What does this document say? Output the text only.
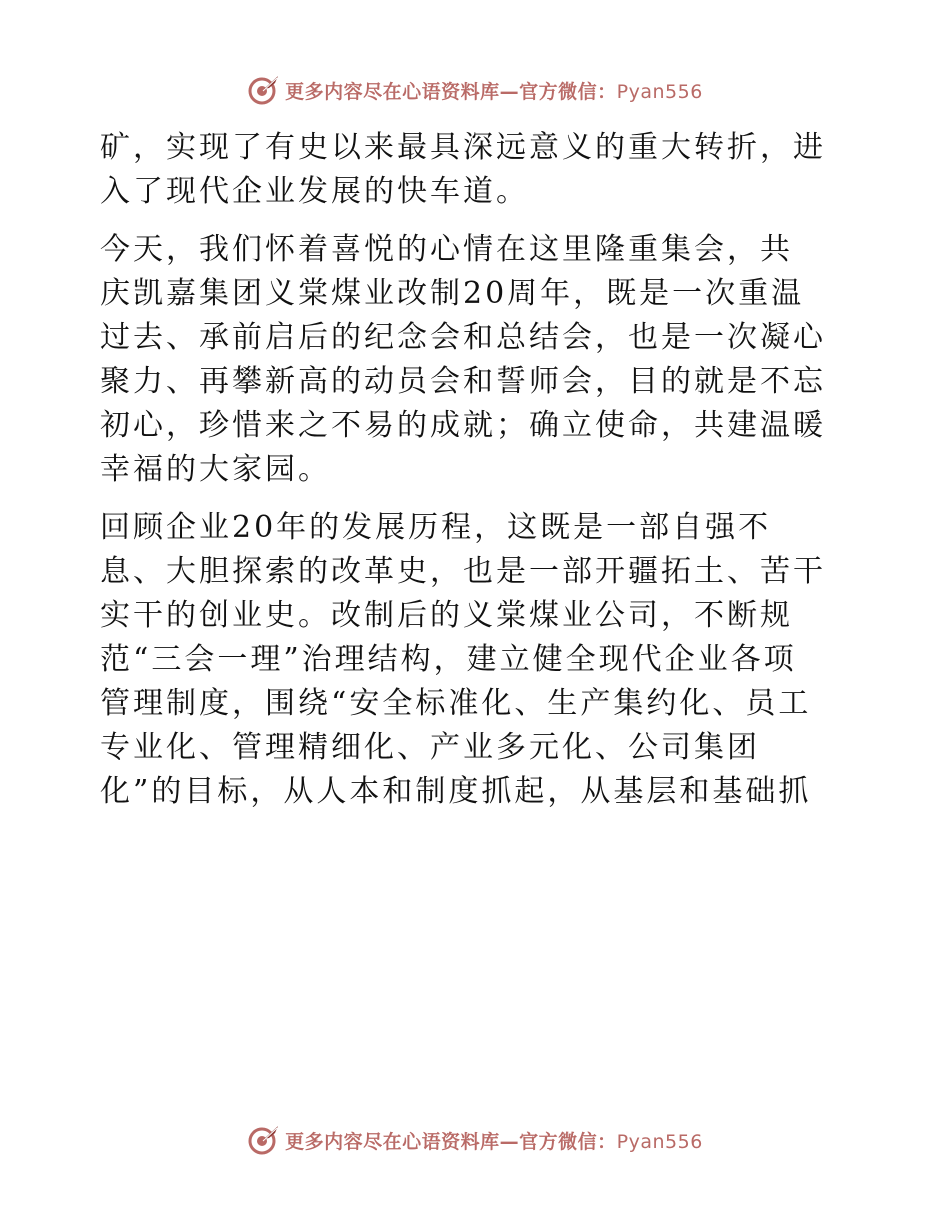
更多内容尽在心语资料库—官方微信：Pyan556

矿，实现了有史以来最具深远意义的重大转折，进
入了现代企业发展的快车道。

今天，我们怀着喜悦的心情在这里隆重集会，共
庆凯嘉集团义棠煤业改制20周年，既是一次重温
过去、承前启后的纪念会和总结会，也是一次凝心
聚力、再攀新高的动员会和誓师会，目的就是不忘
初心，珍惜来之不易的成就；确立使命，共建温暖
幸福的大家园。

回顾企业20年的发展历程，这既是一部自强不
息、大胆探索的改革史，也是一部开疆拓土、苦干
实干的创业史。改制后的义棠煤业公司，不断规
范“三会一理”治理结构，建立健全现代企业各项
管理制度，围绕“安全标准化、生产集约化、员工
专业化、管理精细化、产业多元化、公司集团
化”的目标，从人本和制度抓起，从基层和基础抓

更多内容尽在心语资料库—官方微信：Pyan556
